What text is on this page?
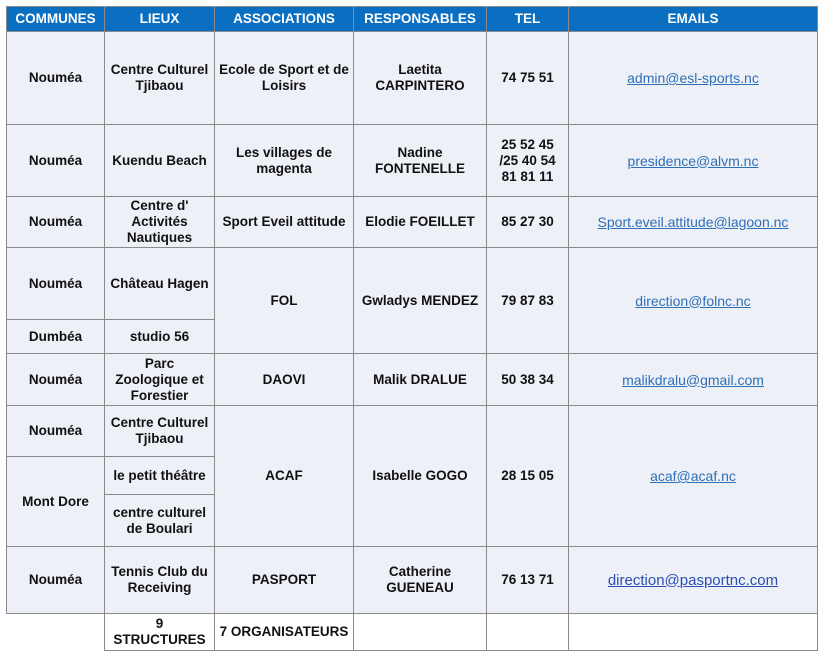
COMMUNES	LIEUX	ASSOCIATIONS	RESPONSABLES	TEL	EMAILS
Nouméa	Centre Culturel Tjibaou	Ecole de Sport et de Loisirs	Laetita CARPINTERO	74 75 51	admin@esl-sports.nc
Nouméa	Kuendu Beach	Les villages de magenta	Nadine FONTENELLE	25 52 45 /25 40 54 81 81 11	presidence@alvm.nc
Nouméa	Centre d' Activités Nautiques	Sport Eveil attitude	Elodie FOEILLET	85 27 30	Sport.eveil.attitude@lagoon.nc
Nouméa	Château Hagen	FOL	Gwladys MENDEZ	79 87 83	direction@folnc.nc
Dumbéa	studio 56				
Nouméa	Parc Zoologique et Forestier	DAOVI	Malik DRALUE	50 38 34	malikdralu@gmail.com
Nouméa	Centre Culturel Tjibaou	ACAF	Isabelle GOGO	28 15 05	acaf@acaf.nc
Mont Dore	le petit théâtre				
	centre culturel de Boulari				
Nouméa	Tennis Club du Receiving	PASPORT	Catherine GUENEAU	76 13 71	direction@pasportnc.com
	9 STRUCTURES	7 ORGANISATEURS			
